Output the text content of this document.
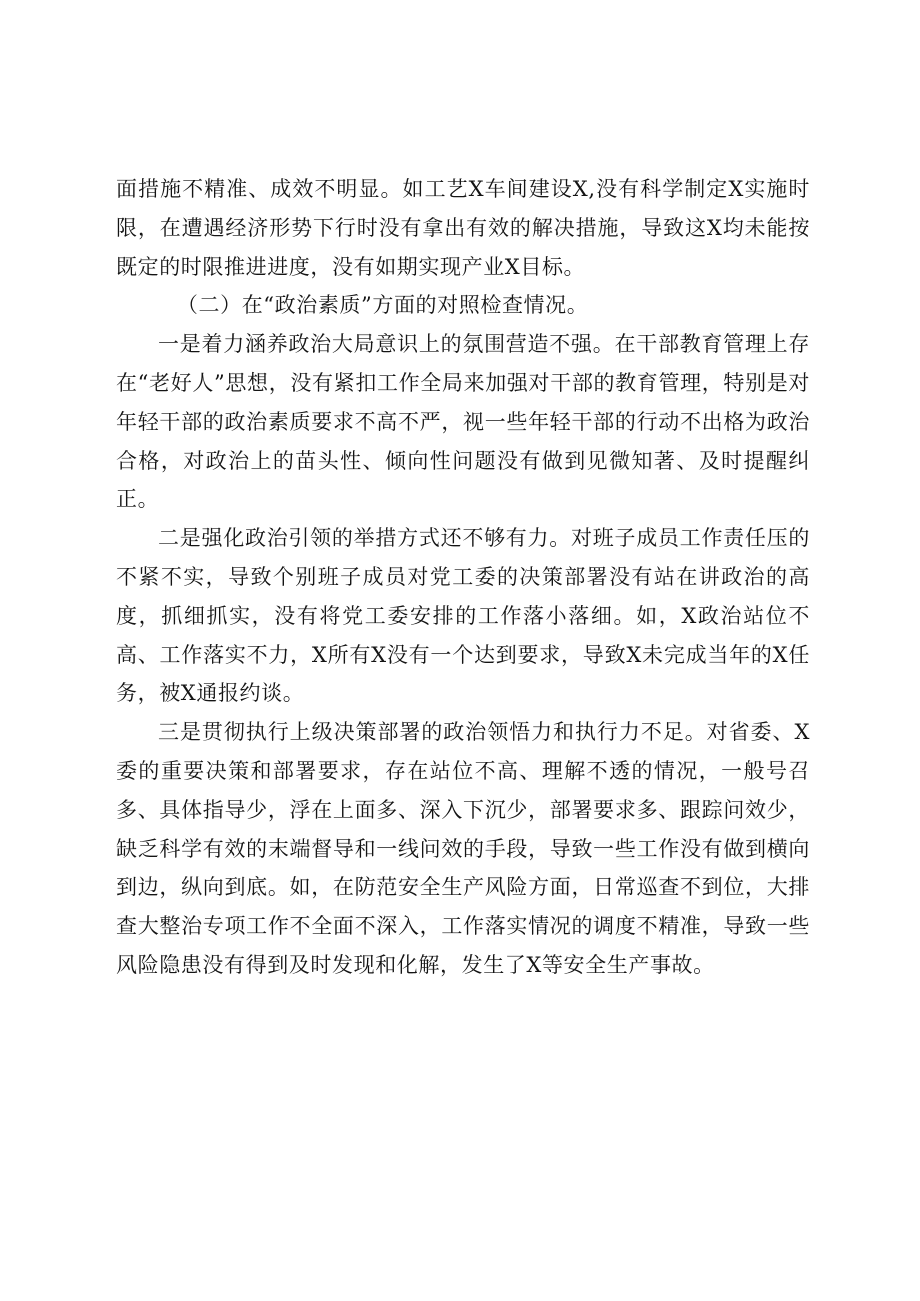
面措施不精准、成效不明显。如工艺X车间建设X,没有科学制定X实施时限，在遭遇经济形势下行时没有拿出有效的解决措施，导致这X均未能按既定的时限推进进度，没有如期实现产业X目标。

（二）在“政治素质”方面的对照检查情况。

一是着力涵养政治大局意识上的氛围营造不强。在干部教育管理上存在“老好人”思想，没有紧扣工作全局来加强对干部的教育管理，特别是对年轻干部的政治素质要求不高不严，视一些年轻干部的行动不出格为政治合格，对政治上的苗头性、倾向性问题没有做到见微知著、及时提醒纠正。

二是强化政治引领的举措方式还不够有力。对班子成员工作责任压的不紧不实，导致个别班子成员对党工委的决策部署没有站在讲政治的高度，抓细抓实，没有将党工委安排的工作落小落细。如，X政治站位不高、工作落实不力，X所有X没有一个达到要求，导致X未完成当年的X任务，被X通报约谈。

三是贯彻执行上级决策部署的政治领悟力和执行力不足。对省委、X委的重要决策和部署要求，存在站位不高、理解不透的情况，一般号召多、具体指导少，浮在上面多、深入下沉少，部署要求多、跟踪问效少，缺乏科学有效的末端督导和一线问效的手段，导致一些工作没有做到横向到边，纵向到底。如，在防范安全生产风险方面，日常巡查不到位，大排查大整治专项工作不全面不深入，工作落实情况的调度不精准，导致一些风险隐患没有得到及时发现和化解，发生了X等安全生产事故。
